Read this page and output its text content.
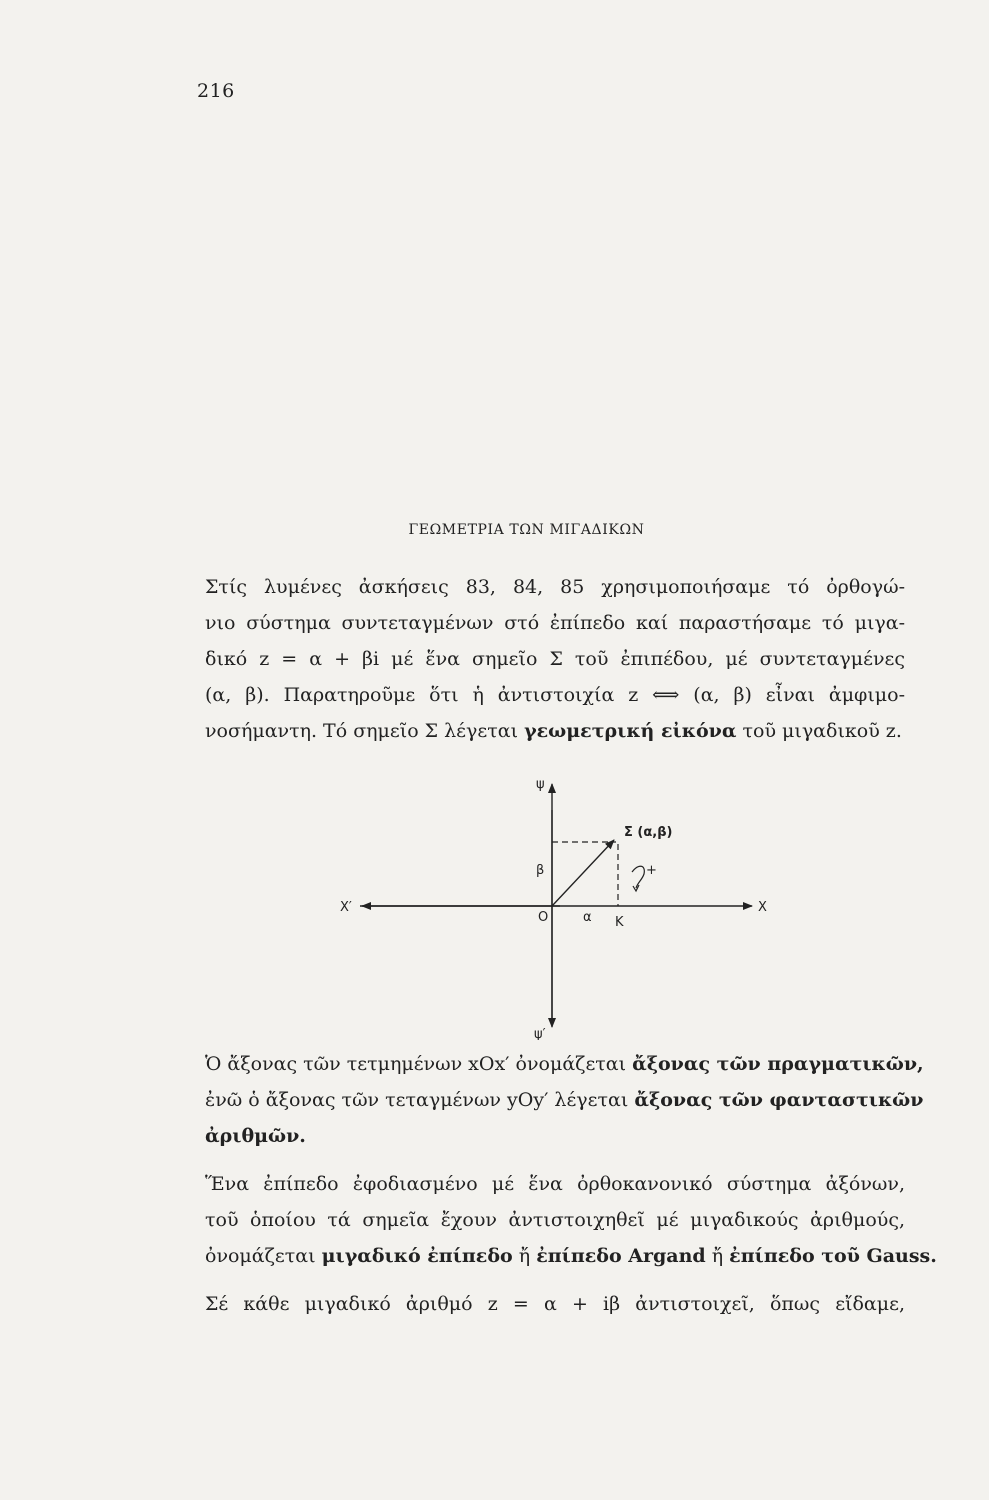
216
ΓΕΩΜΕΤΡΙΑ ΤΩΝ ΜΙΓΑΔΙΚΩΝ
Στίς λυμένες ἀσκήσεις 83, 84, 85 χρησιμοποιήσαμε τό ὀρθογώ-
νιο σύστημα συντεταγμένων στό ἐπίπεδο καί παραστήσαμε τό μιγα-
δικό z = α + βi μέ ἕνα σημεῖο Σ τοῦ ἐπιπέδου, μέ συντεταγμένες
(α, β). Παρατηροῦμε ὅτι ἡ ἀντιστοιχία z ⟺ (α, β) εἶναι ἀμφιμο-
νοσήμαντη. Τό σημεῖο Σ λέγεται γεωμετρική εἰκόνα τοῦ μιγαδικοῦ z.
ψ
ψ′
X
X′
O	α
β
K
Σ (α,β)
+
Ὁ ἄξονας τῶν τετμημένων xOx′ ὀνομάζεται ἄξονας τῶν πραγματικῶν,
ἐνῶ ὁ ἄξονας τῶν τεταγμένων yOy′ λέγεται ἄξονας τῶν φανταστικῶν
ἀριθμῶν.
Ἕνα ἐπίπεδο ἐφοδιασμένο μέ ἕνα ὀρθοκανονικό σύστημα ἀξόνων,
τοῦ ὁποίου τά σημεῖα ἔχουν ἀντιστοιχηθεῖ μέ μιγαδικούς ἀριθμούς,
ὀνομάζεται μιγαδικό ἐπίπεδο ἤ ἐπίπεδο Argand ἤ ἐπίπεδο τοῦ Gauss.
Σέ κάθε μιγαδικό ἀριθμό z = α + iβ ἀντιστοιχεῖ, ὅπως εἴδαμε,
